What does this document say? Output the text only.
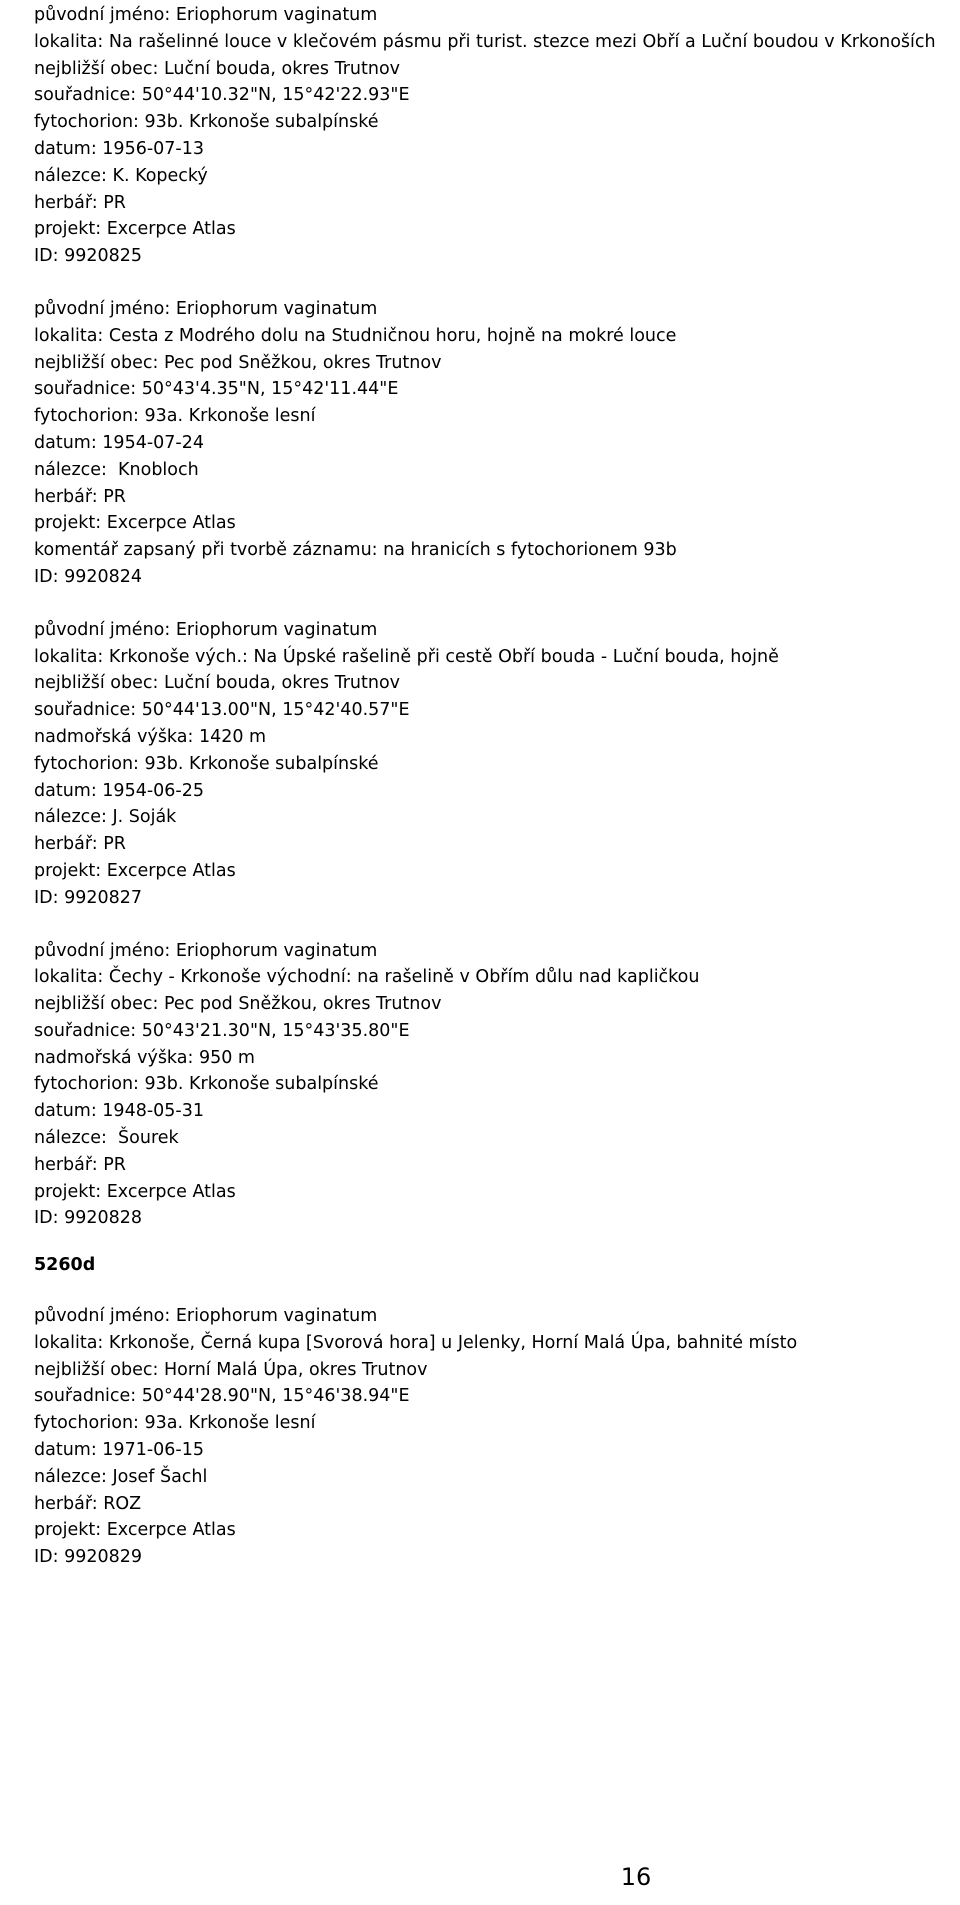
původní jméno: Eriophorum vaginatum
lokalita: Na rašelinné louce v klečovém pásmu při turist. stezce mezi Obří a Luční boudou v Krkonoších
nejbližší obec: Luční bouda, okres Trutnov
souřadnice: 50°44'10.32"N, 15°42'22.93"E
fytochorion: 93b. Krkonoše subalpínské
datum: 1956-07-13
nálezce: K. Kopecký
herbář: PR
projekt: Excerpce Atlas
ID: 9920825
původní jméno: Eriophorum vaginatum
lokalita: Cesta z Modrého dolu na Studničnou horu, hojně na mokré louce
nejbližší obec: Pec pod Sněžkou, okres Trutnov
souřadnice: 50°43'4.35"N, 15°42'11.44"E
fytochorion: 93a. Krkonoše lesní
datum: 1954-07-24
nálezce:  Knobloch
herbář: PR
projekt: Excerpce Atlas
komentář zapsaný při tvorbě záznamu: na hranicích s fytochorionem 93b
ID: 9920824
původní jméno: Eriophorum vaginatum
lokalita: Krkonoše vých.: Na Úpské rašelině při cestě Obří bouda - Luční bouda, hojně
nejbližší obec: Luční bouda, okres Trutnov
souřadnice: 50°44'13.00"N, 15°42'40.57"E
nadmořská výška: 1420 m
fytochorion: 93b. Krkonoše subalpínské
datum: 1954-06-25
nálezce: J. Soják
herbář: PR
projekt: Excerpce Atlas
ID: 9920827
původní jméno: Eriophorum vaginatum
lokalita: Čechy - Krkonoše východní: na rašelině v Obřím důlu nad kapličkou
nejbližší obec: Pec pod Sněžkou, okres Trutnov
souřadnice: 50°43'21.30"N, 15°43'35.80"E
nadmořská výška: 950 m
fytochorion: 93b. Krkonoše subalpínské
datum: 1948-05-31
nálezce:  Šourek
herbář: PR
projekt: Excerpce Atlas
ID: 9920828
5260d
původní jméno: Eriophorum vaginatum
lokalita: Krkonoše, Černá kupa [Svorová hora] u Jelenky, Horní Malá Úpa, bahnité místo
nejbližší obec: Horní Malá Úpa, okres Trutnov
souřadnice: 50°44'28.90"N, 15°46'38.94"E
fytochorion: 93a. Krkonoše lesní
datum: 1971-06-15
nálezce: Josef Šachl
herbář: ROZ
projekt: Excerpce Atlas
ID: 9920829
16
